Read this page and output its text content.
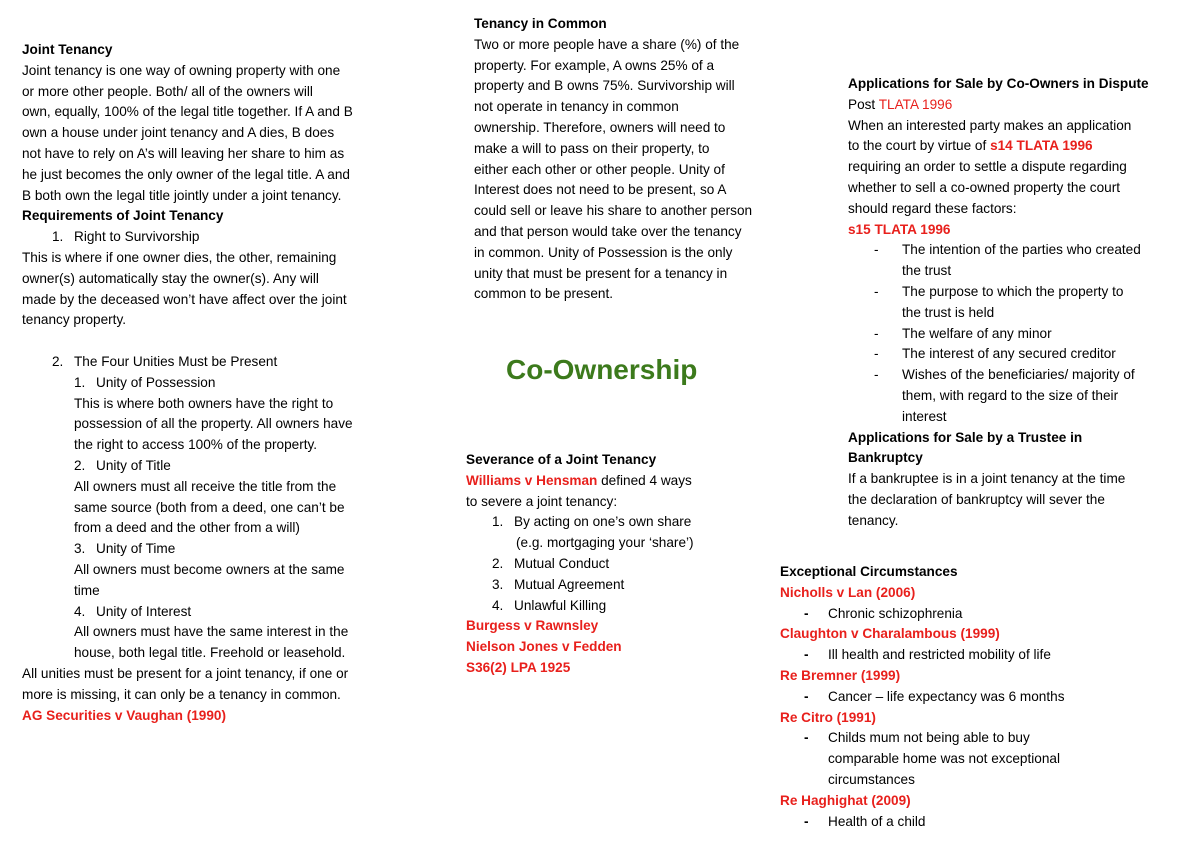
Joint Tenancy

Joint tenancy is one way of owning property with one

or more other people. Both/ all of the owners will

own, equally, 100% of the legal title together. If A and B

own a house under joint tenancy and A dies, B does

not have to rely on A’s will leaving her share to him as

he just becomes the only owner of the legal title. A and

B both own the legal title jointly under a joint tenancy.

Requirements of Joint Tenancy

1. Right to Survivorship

This is where if one owner dies, the other, remaining

owner(s) automatically stay the owner(s). Any will

made by the deceased won’t have affect over the joint

tenancy property.

2. The Four Unities Must be Present

1. Unity of Possession

This is where both owners have the right to

possession of all the property. All owners have

the right to access 100% of the property.

2. Unity of Title

All owners must all receive the title from the

same source (both from a deed, one can’t be

from a deed and the other from a will)

3. Unity of Time

All owners must become owners at the same

time

4. Unity of Interest

All owners must have the same interest in the

house, both legal title. Freehold or leasehold.

All unities must be present for a joint tenancy, if one or

more is missing, it can only be a tenancy in common.

AG Securities v Vaughan (1990)

Tenancy in Common

Two or more people have a share (%) of the

property. For example, A owns 25% of a

property and B owns 75%. Survivorship will

not operate in tenancy in common

ownership. Therefore, owners will need to

make a will to pass on their property, to

either each other or other people. Unity of

Interest does not need to be present, so A

could sell or leave his share to another person

and that person would take over the tenancy

in common. Unity of Possession is the only

unity that must be present for a tenancy in

common to be present.

Co-Ownership

Severance of a Joint Tenancy

Williams v Hensman defined 4 ways

to severe a joint tenancy:

1. By acting on one’s own share

(e.g. mortgaging your ‘share’)

2. Mutual Conduct

3. Mutual Agreement

4. Unlawful Killing

Burgess v Rawnsley

Nielson Jones v Fedden

S36(2) LPA 1925

Applications for Sale by Co-Owners in Dispute

Post TLATA 1996

When an interested party makes an application

to the court by virtue of s14 TLATA 1996

requiring an order to settle a dispute regarding

whether to sell a co-owned property the court

should regard these factors:

s15 TLATA 1996

-	The intention of the parties who created

the trust

-	The purpose to which the property to

the trust is held

-	The welfare of any minor

-	The interest of any secured creditor

-	Wishes of the beneficiaries/ majority of

them, with regard to the size of their

interest

Applications for Sale by a Trustee in

Bankruptcy

If a bankruptee is in a joint tenancy at the time

the declaration of bankruptcy will sever the

tenancy.

Exceptional Circumstances

Nicholls v Lan (2006)

-	Chronic schizophrenia

Claughton v Charalambous (1999)

-	Ill health and restricted mobility of life

Re Bremner (1999)

-	Cancer – life expectancy was 6 months

Re Citro (1991)

-	Childs mum not being able to buy

comparable home was not exceptional

circumstances

Re Haghighat (2009)

-	Health of a child
